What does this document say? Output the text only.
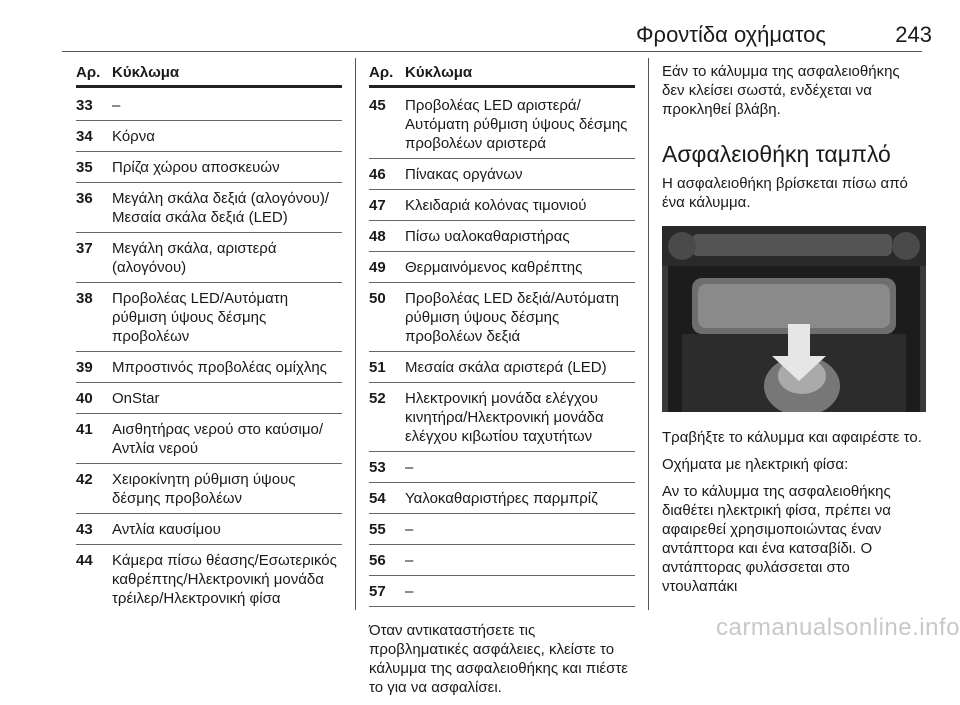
Φροντίδα οχήματος	243
Αρ. Κύκλωμα
33	–
34	Κόρνα
35	Πρίζα χώρου αποσκευών
36	Μεγάλη σκάλα δεξιά (αλογόνου)/Μεσαία σκάλα δεξιά (LED)
37	Μεγάλη σκάλα, αριστερά (αλογόνου)
38	Προβολέας LED/Αυτόματη ρύθμιση ύψους δέσμης προβολέων
39	Μπροστινός προβολέας ομίχλης
40	OnStar
41	Αισθητήρας νερού στο καύσιμο/ Αντλία νερού
42	Χειροκίνητη ρύθμιση ύψους δέσμης προβολέων
43	Αντλία καυσίμου
44	Κάμερα πίσω θέασης/Εσωτερικός καθρέπτης/Ηλεκτρονική μονάδα τρέιλερ/Ηλεκτρονική φίσα
Αρ. Κύκλωμα
45	Προβολέας LED αριστερά/Αυτόματη ρύθμιση ύψους δέσμης προβολέων αριστερά
46	Πίνακας οργάνων
47	Κλειδαριά κολόνας τιμονιού
48	Πίσω υαλοκαθαριστήρας
49	Θερμαινόμενος καθρέπτης
50	Προβολέας LED δεξιά/Αυτόματη ρύθμιση ύψους δέσμης προβολέων δεξιά
51	Μεσαία σκάλα αριστερά (LED)
52	Ηλεκτρονική μονάδα ελέγχου κινητήρα/Ηλεκτρονική μονάδα ελέγχου κιβωτίου ταχυτήτων
53	–
54	Υαλοκαθαριστήρες παρμπρίζ
55	–
56	–
57	–

Όταν αντικαταστήσετε τις προβληματικές ασφάλειες, κλείστε το κάλυμμα της ασφαλειοθήκης και πιέστε το για να ασφαλίσει.

Εάν το κάλυμμα της ασφαλειοθήκης δεν κλείσει σωστά, ενδέχεται να προκληθεί βλάβη.

Ασφαλειοθήκη ταμπλό

Η ασφαλειοθήκη βρίσκεται πίσω από ένα κάλυμμα.

Τραβήξτε το κάλυμμα και αφαιρέστε το.

Οχήματα με ηλεκτρική φίσα:

Αν το κάλυμμα της ασφαλειοθήκης διαθέτει ηλεκτρική φίσα, πρέπει να αφαιρεθεί χρησιμοποιώντας έναν αντάπτορα και ένα κατσαβίδι. Ο αντάπτορας φυλάσσεται στο ντουλαπάκι

carmanualsonline.info
